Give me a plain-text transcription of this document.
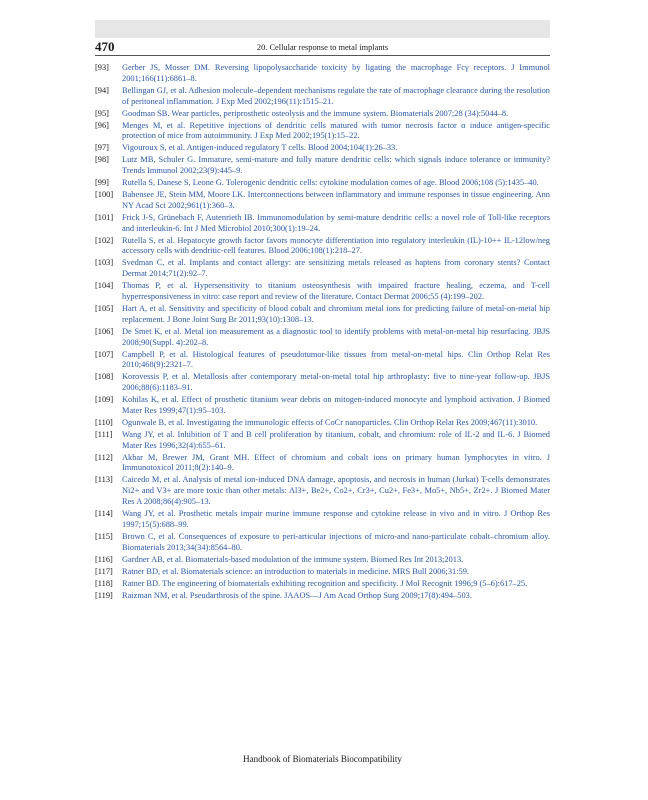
470	20. Cellular response to metal implants
[93]	Gerber JS, Mosser DM. Reversing lipopolysaccharide toxicity by ligating the macrophage Fcγ receptors. J Immunol 2001;166(11):6861–8.
[94]	Bellingan GJ, et al. Adhesion molecule–dependent mechanisms regulate the rate of macrophage clearance during the resolution of peritoneal inflammation. J Exp Med 2002;196(11):1515–21.
[95]	Goodman SB. Wear particles, periprosthetic osteolysis and the immune system. Biomaterials 2007;28 (34):5044–8.
[96]	Menges M, et al. Repetitive injections of dendritic cells matured with tumor necrosis factor α induce antigen-specific protection of mice from autoimmunity. J Exp Med 2002;195(1):15–22.
[97]	Vigouroux S, et al. Antigen-induced regulatory T cells. Blood 2004;104(1):26–33.
[98]	Lutz MB, Schuler G. Immature, semi-mature and fully mature dendritic cells: which signals induce tolerance or immunity? Trends Immunol 2002;23(9):445–9.
[99]	Rutella S, Danese S, Leone G. Tolerogenic dendritic cells: cytokine modulation comes of age. Blood 2006;108 (5):1435–40.
[100]	Babensee JE, Stein MM, Moore LK. Interconnections between inflammatory and immune responses in tissue engineering. Ann NY Acad Sci 2002;961(1):360–3.
[101]	Frick J-S, Grünebach F, Autenrieth IB. Immunomodulation by semi-mature dendritic cells: a novel role of Toll-like receptors and interleukin-6. Int J Med Microbiol 2010;300(1):19–24.
[102]	Rutella S, et al. Hepatocyte growth factor favors monocyte differentiation into regulatory interleukin (IL)-10++ IL-12low/neg accessory cells with dendritic-cell features. Blood 2006;108(1):218–27.
[103]	Svedman C, et al. Implants and contact allergy: are sensitizing metals released as haptens from coronary stents? Contact Dermat 2014;71(2):92–7.
[104]	Thomas P, et al. Hypersensitivity to titanium osteosynthesis with impaired fracture healing, eczema, and T-cell hyperresponsiveness in vitro: case report and review of the literature. Contact Dermat 2006;55 (4):199–202.
[105]	Hart A, et al. Sensitivity and specificity of blood cobalt and chromium metal ions for predicting failure of metal-on-metal hip replacement. J Bone Joint Surg Br 2011;93(10):1308–13.
[106]	De Smet K, et al. Metal ion measurement as a diagnostic tool to identify problems with metal-on-metal hip resurfacing. JBJS 2008;90(Suppl. 4):202–8.
[107]	Campbell P, et al. Histological features of pseudotumor-like tissues from metal-on-metal hips. Clin Orthop Relat Res 2010;468(9):2321–7.
[108]	Korovessis P, et al. Metallosis after contemporary metal-on-metal total hip arthroplasty: five to nine-year follow-up. JBJS 2006;88(6):1183–91.
[109]	Kohilas K, et al. Effect of prosthetic titanium wear debris on mitogen-induced monocyte and lymphoid activation. J Biomed Mater Res 1999;47(1):95–103.
[110]	Ogunwale B, et al. Investigating the immunologic effects of CoCr nanoparticles. Clin Orthop Relat Res 2009;467(11):3010.
[111]	Wang JY, et al. Inhibition of T and B cell proliferation by titanium, cobalt, and chromium: role of IL-2 and IL-6. J Biomed Mater Res 1996;32(4):655–61.
[112]	Akbar M, Brewer JM, Grant MH. Effect of chromium and cobalt ions on primary human lymphocytes in vitro. J Immunotoxicol 2011;8(2):140–9.
[113]	Caicedo M, et al. Analysis of metal ion-induced DNA damage, apoptosis, and necrosis in human (Jurkat) T-cells demonstrates Ni2+ and V3+ are more toxic than other metals: Al3+, Be2+, Co2+, Cr3+, Cu2+, Fe3+, Mo5+, Nb5+, Zr2+. J Biomed Mater Res A 2008;86(4):905–13.
[114]	Wang JY, et al. Prosthetic metals impair murine immune response and cytokine release in vivo and in vitro. J Orthop Res 1997;15(5):688–99.
[115]	Brown C, et al. Consequences of exposure to peri-articular injections of micro-and nano-particulate cobalt–chromium alloy. Biomaterials 2013;34(34):8564–80.
[116]	Gardner AB, et al. Biomaterials-based modulation of the immune system. Biomed Res Int 2013;2013.
[117]	Ratner BD, et al. Biomaterials science: an introduction to materials in medicine. MRS Bull 2006;31:59.
[118]	Ratner BD. The engineering of biomaterials exhibiting recognition and specificity. J Mol Recognit 1996;9 (5–6):617–25.
[119]	Raizman NM, et al. Pseudarthrosis of the spine. JAAOS—J Am Acad Orthop Surg 2009;17(8):494–503.
Handbook of Biomaterials Biocompatibility
